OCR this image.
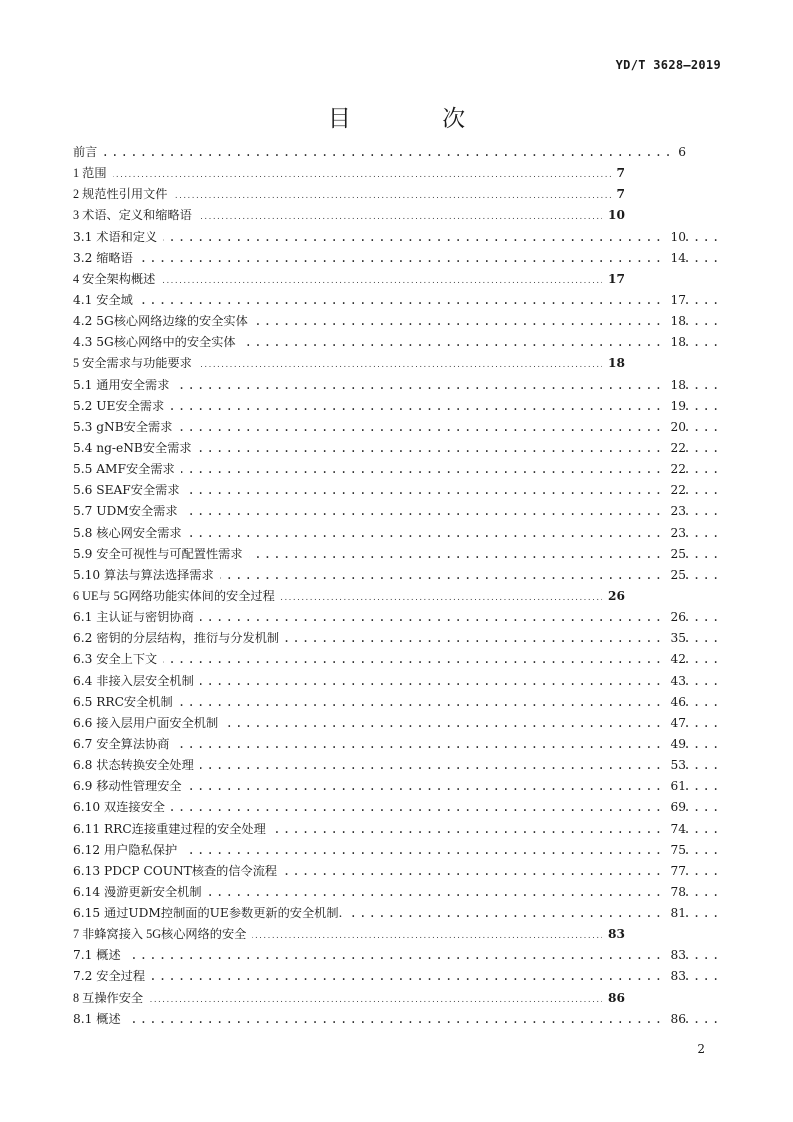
YD/T 3628—2019
目 次
.....
前言	6
.....
1 范围	7
.....
2 规范性引用文件	7
.....
3 术语、定义和缩略语	10
.....
3.1 术语和定义	10
.....
3.2 缩略语	14
.....
4 安全架构概述	17
.....
4.1 安全域	17
.....
4.2 5G核心网络边缘的安全实体	18
.....
4.3 5G核心网络中的安全实体	18
.....
5 安全需求与功能要求	18
.....
5.1 通用安全需求	18
.....
5.2 UE安全需求	19
.....
5.3 gNB安全需求	20
.....
5.4 ng-eNB安全需求	22
.....
5.5 AMF安全需求	22
.....
5.6 SEAF安全需求	22
.....
5.7 UDM安全需求	23
.....
5.8 核心网安全需求	23
.....
5.9 安全可视性与可配置性需求	25
.....
5.10 算法与算法选择需求	25
.....
6 UE与 5G网络功能实体间的安全过程	26
.....
6.1 主认证与密钥协商	26
.....
6.2 密钥的分层结构，推衍与分发机制	35
.....
6.3 安全上下文	42
.....
6.4 非接入层安全机制	43
.....
6.5 RRC安全机制	46
.....
6.6 接入层用户面安全机制	47
.....
6.7 安全算法协商	49
.....
6.8 状态转换安全处理	53
.....
6.9 移动性管理安全	61
.....
6.10 双连接安全	69
.....
6.11 RRC连接重建过程的安全处理	74
.....
6.12 用户隐私保护	75
.....
6.13 PDCP COUNT核查的信令流程	77
.....
6.14 漫游更新安全机制	78
.....
6.15 通过UDM控制面的UE参数更新的安全机制.	81
.....
7 非蜂窝接入 5G核心网络的安全	83
.....
7.1 概述	83
.....
7.2 安全过程	83
.....
8 互操作安全	86
.....
8.1 概述	86
2
